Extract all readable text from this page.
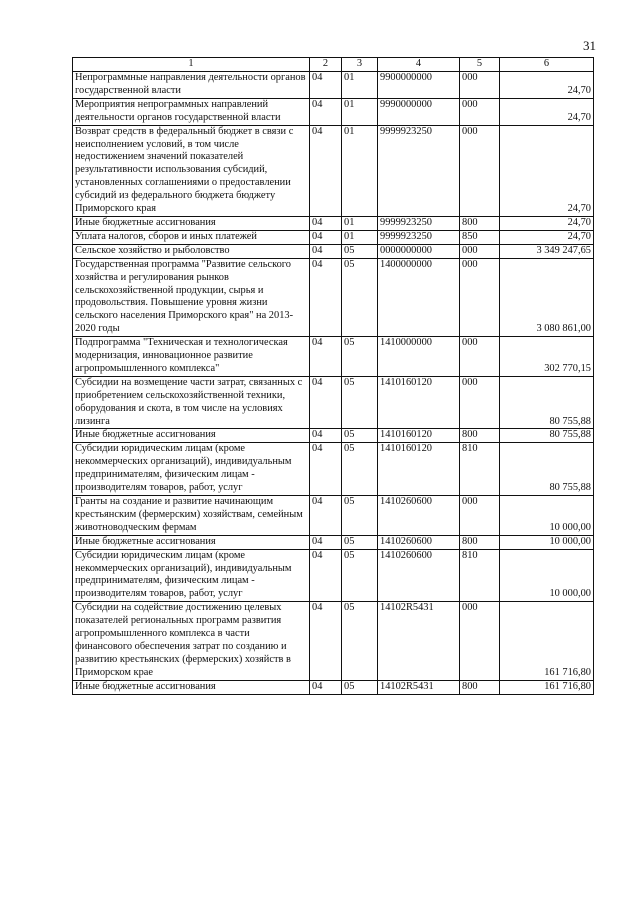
31
1	2	3	4	5	6
Непрограммные направления деятельности органов государственной власти	04	01	9900000000	000	24,70
Мероприятия непрограммных направлений деятельности органов государственной власти	04	01	9990000000	000	24,70
Возврат средств в федеральный бюджет в связи с неисполнением условий, в том числе недостижением значений показателей результативности использования субсидий, установленных соглашениями о предоставлении субсидий из федерального бюджета бюджету Приморского края	04	01	9999923250	000	24,70
Иные бюджетные ассигнования	04	01	9999923250	800	24,70
Уплата налогов, сборов и иных платежей	04	01	9999923250	850	24,70
Сельское хозяйство и рыболовство	04	05	0000000000	000	3 349 247,65
Государственная программа "Развитие сельского хозяйства и регулирования рынков сельскохозяйственной продукции, сырья и продовольствия. Повышение уровня жизни сельского населения Приморского края" на 2013-2020 годы	04	05	1400000000	000	3 080 861,00
Подпрограмма "Техническая и технологическая модернизация, инновационное развитие агропромышленного комплекса"	04	05	1410000000	000	302 770,15
Субсидии на возмещение части затрат, связанных с приобретением сельскохозяйственной техники, оборудования и скота, в том числе на условиях лизинга	04	05	1410160120	000	80 755,88
Иные бюджетные ассигнования	04	05	1410160120	800	80 755,88
Субсидии юридическим лицам (кроме некоммерческих организаций), индивидуальным предпринимателям, физическим лицам - производителям товаров, работ, услуг	04	05	1410160120	810	80 755,88
Гранты на создание и развитие начинающим крестьянским (фермерским) хозяйствам, семейным животноводческим фермам	04	05	1410260600	000	10 000,00
Иные бюджетные ассигнования	04	05	1410260600	800	10 000,00
Субсидии юридическим лицам (кроме некоммерческих организаций), индивидуальным предпринимателям, физическим лицам - производителям товаров, работ, услуг	04	05	1410260600	810	10 000,00
Субсидии на содействие достижению целевых показателей региональных программ развития агропромышленного комплекса в части финансового обеспечения затрат по созданию и развитию крестьянских (фермерских) хозяйств в Приморском крае	04	05	14102R5431	000	161 716,80
Иные бюджетные ассигнования	04	05	14102R5431	800	161 716,80
